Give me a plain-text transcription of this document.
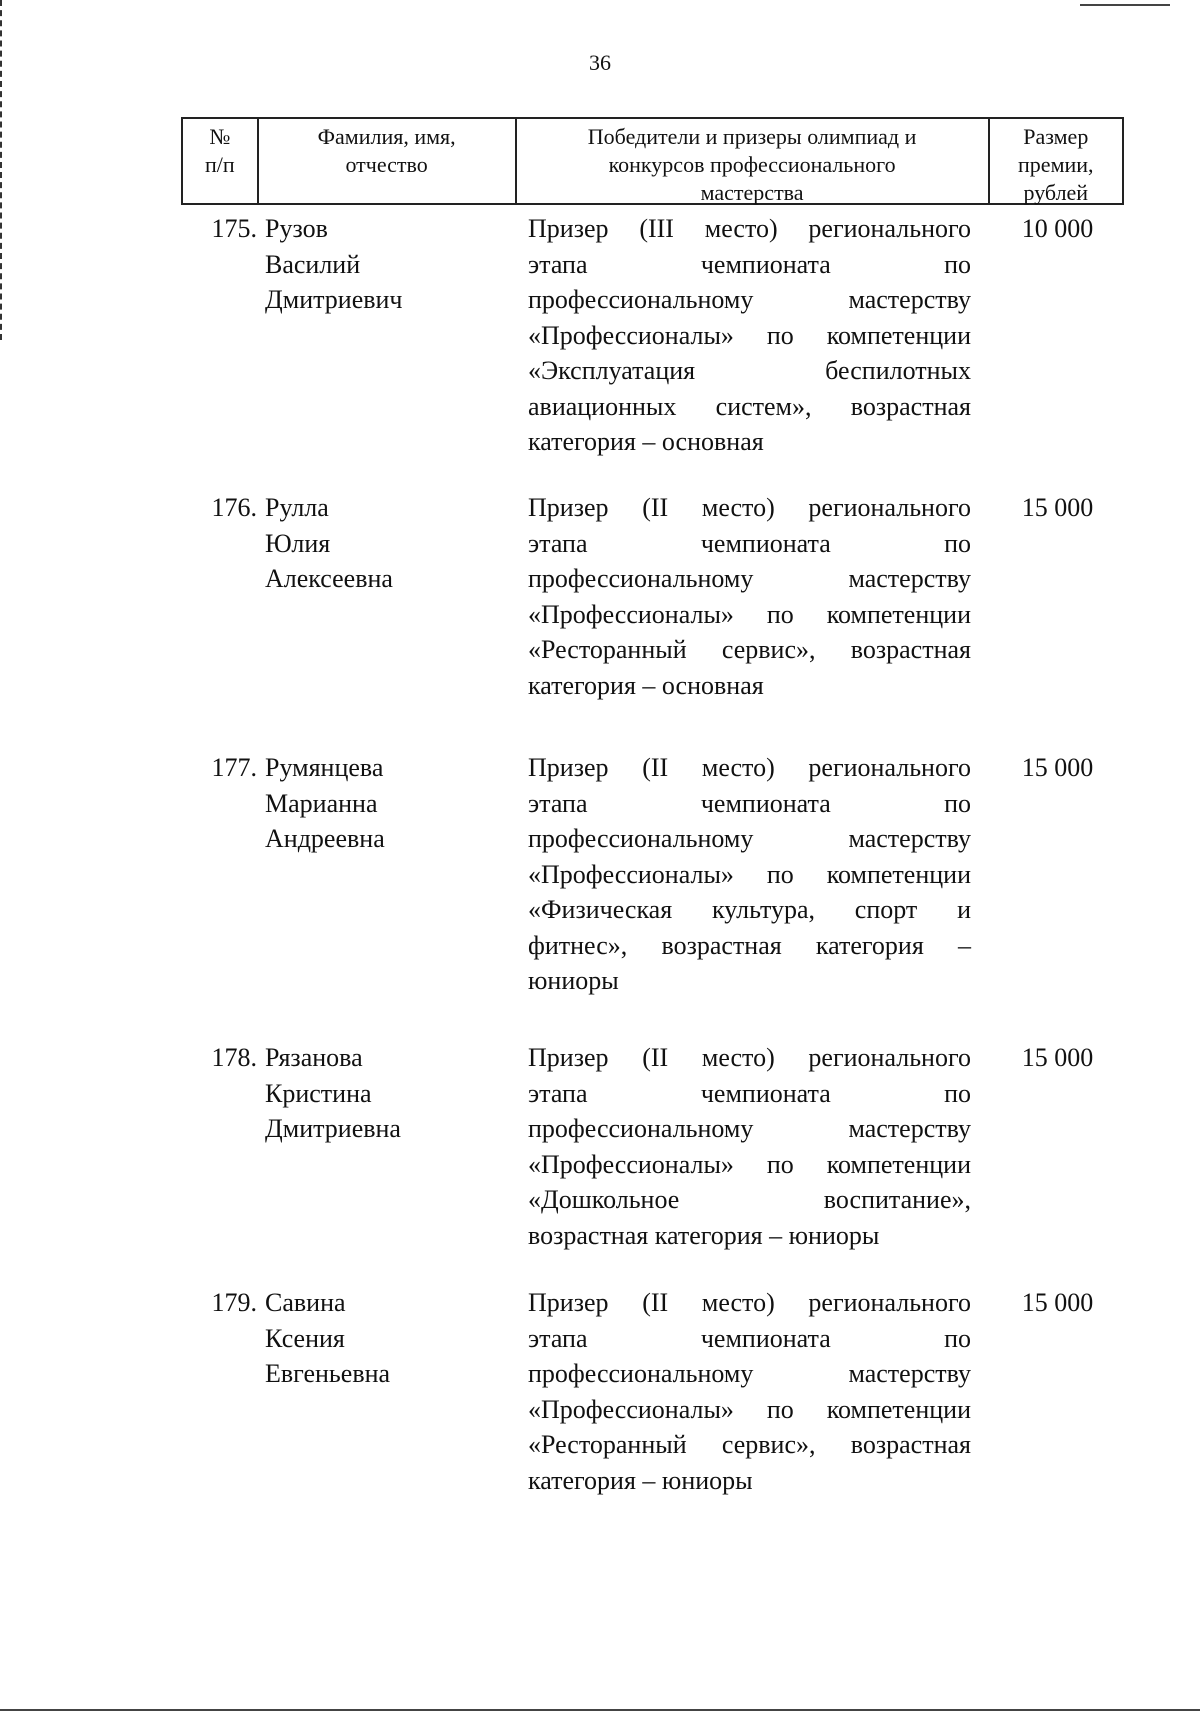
36
№
п/п
Фамилия, имя,
отчество
Победители и призеры олимпиад и
конкурсов профессионального
мастерства
Размер
премии,
рублей
175. Рузов
Василий
Дмитриевич
Призер (III место) регионального
этапа чемпионата по
профессиональному мастерству
«Профессионалы» по компетенции
«Эксплуатация беспилотных
авиационных систем», возрастная
категория – основная
10 000
176. Рулла
Юлия
Алексеевна
Призер (II место) регионального
этапа чемпионата по
профессиональному мастерству
«Профессионалы» по компетенции
«Ресторанный сервис», возрастная
категория – основная
15 000
177. Румянцева
Марианна
Андреевна
Призер (II место) регионального
этапа чемпионата по
профессиональному мастерству
«Профессионалы» по компетенции
«Физическая культура, спорт и
фитнес», возрастная категория –
юниоры
15 000
178. Рязанова
Кристина
Дмитриевна
Призер (II место) регионального
этапа чемпионата по
профессиональному мастерству
«Профессионалы» по компетенции
«Дошкольное воспитание»,
возрастная категория – юниоры
15 000
179. Савина
Ксения
Евгеньевна
Призер (II место) регионального
этапа чемпионата по
профессиональному мастерству
«Профессионалы» по компетенции
«Ресторанный сервис», возрастная
категория – юниоры
15 000
